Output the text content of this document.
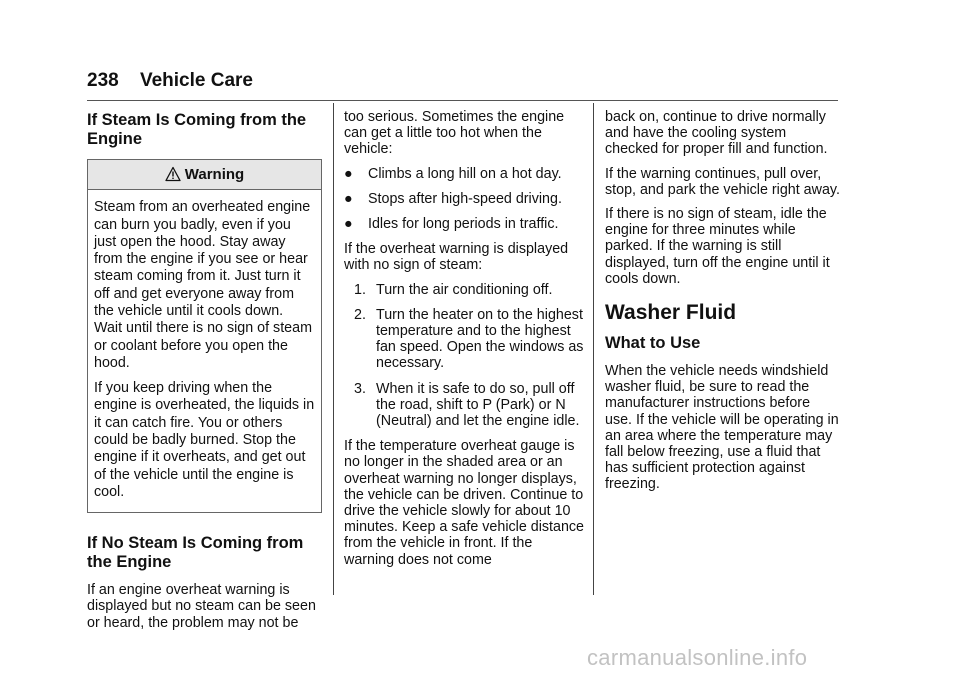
238 Vehicle Care
If Steam Is Coming from the Engine
Warning

Steam from an overheated engine can burn you badly, even if you just open the hood. Stay away from the engine if you see or hear steam coming from it. Just turn it off and get everyone away from the vehicle until it cools down. Wait until there is no sign of steam or coolant before you open the hood.

If you keep driving when the engine is overheated, the liquids in it can catch fire. You or others could be badly burned. Stop the engine if it overheats, and get out of the vehicle until the engine is cool.

If No Steam Is Coming from the Engine

If an engine overheat warning is displayed but no steam can be seen or heard, the problem may not be

too serious. Sometimes the engine can get a little too hot when the vehicle:

● Climbs a long hill on a hot day.
● Stops after high-speed driving.
● Idles for long periods in traffic.

If the overheat warning is displayed with no sign of steam:

1. Turn the air conditioning off.
2. Turn the heater on to the highest temperature and to the highest fan speed. Open the windows as necessary.
3. When it is safe to do so, pull off the road, shift to P (Park) or N (Neutral) and let the engine idle.

If the temperature overheat gauge is no longer in the shaded area or an overheat warning no longer displays, the vehicle can be driven. Continue to drive the vehicle slowly for about 10 minutes. Keep a safe vehicle distance from the vehicle in front. If the warning does not come

back on, continue to drive normally and have the cooling system checked for proper fill and function.

If the warning continues, pull over, stop, and park the vehicle right away.

If there is no sign of steam, idle the engine for three minutes while parked. If the warning is still displayed, turn off the engine until it cools down.

Washer Fluid
What to Use

When the vehicle needs windshield washer fluid, be sure to read the manufacturer instructions before use. If the vehicle will be operating in an area where the temperature may fall below freezing, use a fluid that has sufficient protection against freezing.

carmanualsonline.info
